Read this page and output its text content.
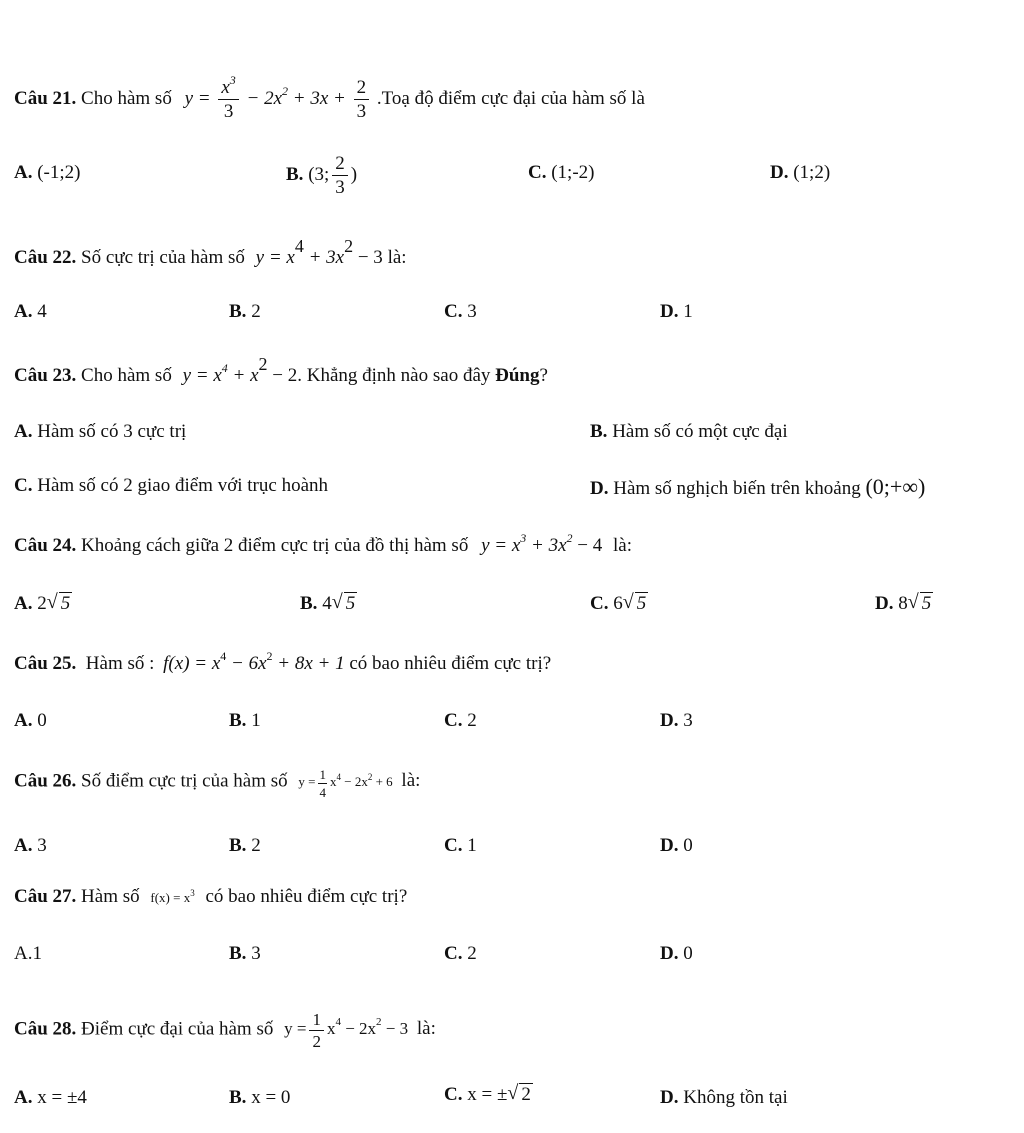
Câu 21. Cho hàm số $y = \frac{x^3}{3} - 2x^2 + 3x + \frac{2}{3}$ .Toạ độ điểm cực đại của hàm số là
A. (-1;2)	B. (3; $\frac{2}{3}$ )	C. (1;-2)	D. (1;2)
Câu 22. Số cực trị của hàm số $y = x^4 + 3x^2 - 3$ là:
A. 4	B. 2	C. 3	D. 1
Câu 23. Cho hàm số $y = x^4 + x^2 - 2$. Khẳng định nào sao đây Đúng?
A. Hàm số có 3 cực trị	B. Hàm số có một cực đại
C. Hàm số có 2 giao điểm với trục hoành	D. Hàm số nghịch biến trên khoảng (0;+∞)
Câu 24. Khoảng cách giữa 2 điểm cực trị của đồ thị hàm số $y = x^3 + 3x^2 - 4$ là:
A. 2 √ 5	B. 4 √ 5	C. 6 √ 5	D. 8 √ 5
Câu 25. Hàm số : $f(x) = x^4 - 6x^2 + 8x + 1$ có bao nhiêu điểm cực trị?
A. 0	B. 1	C. 2	D. 3
Câu 26. Số điểm cực trị của hàm số $y = \frac{1}{4} x^4 - 2x^2 + 6$ là:
A. 3	B. 2	C. 1	D. 0
Câu 27. Hàm số $f(x) = x^3$ có bao nhiêu điểm cực trị?
A.1	B. 3	C. 2	D. 0
Câu 28. Điểm cực đại của hàm số $y = \frac{1}{2} x^4 - 2x^2 - 3$ là:
A. x = ±4	B. x = 0	C. x = ± √ 2	D. Không tồn tại
